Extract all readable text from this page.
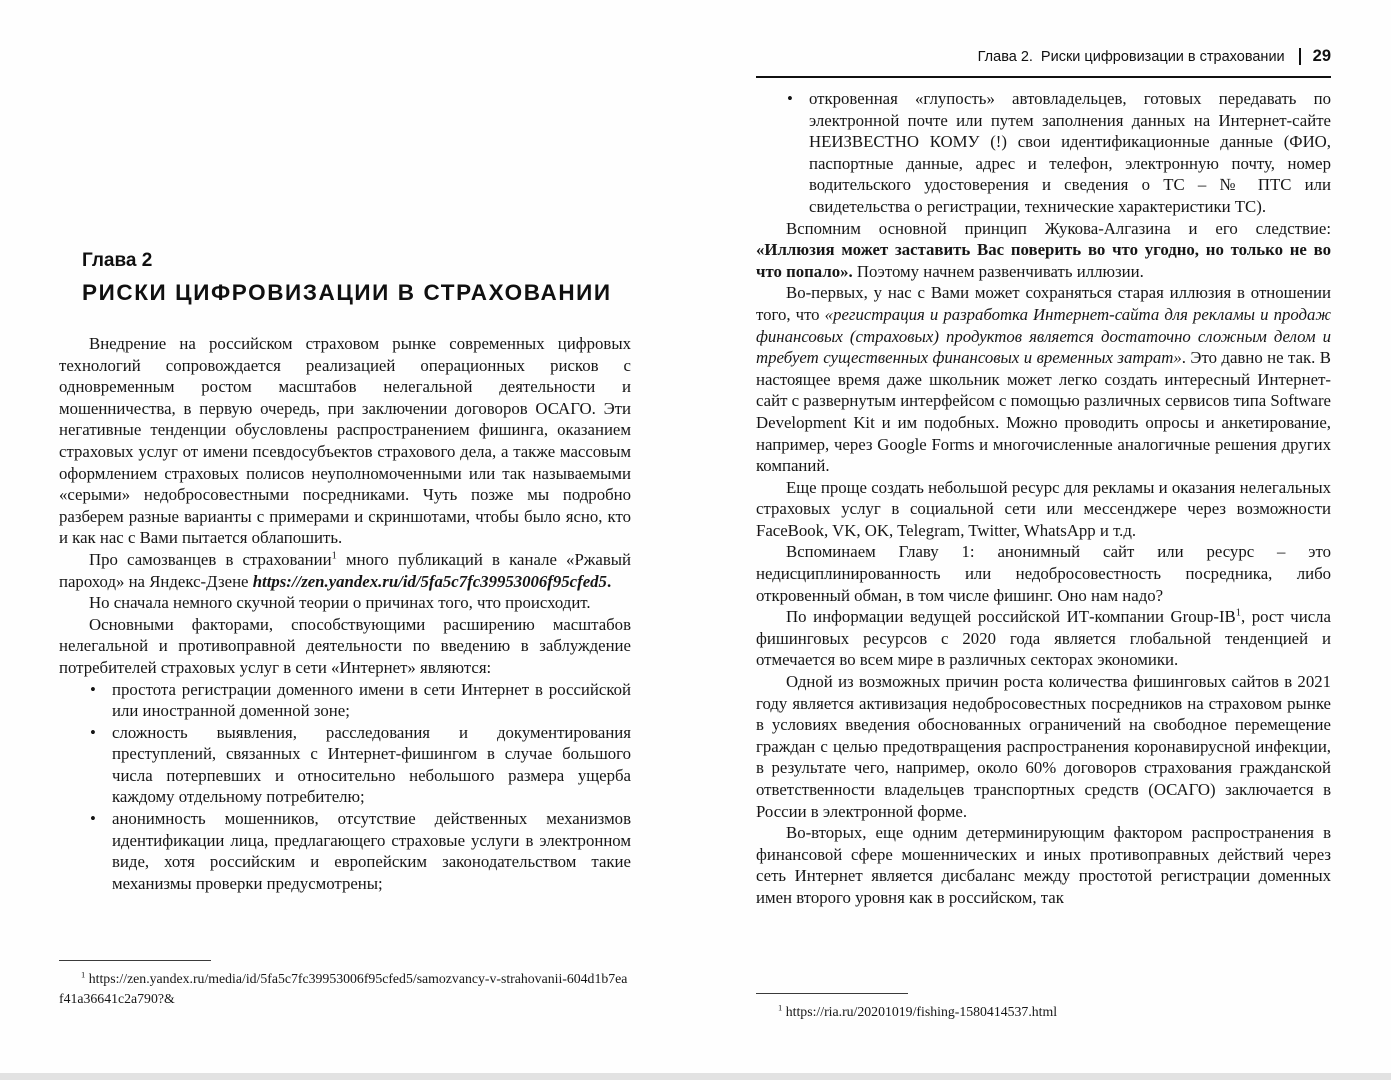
Глава 2
РИСКИ ЦИФРОВИЗАЦИИ В СТРАХОВАНИИ

Внедрение на российском страховом рынке современных цифровых технологий сопровождается реализацией операционных рисков с одновременным ростом масштабов нелегальной деятельности и мошенничества, в первую очередь, при заключении договоров ОСАГО. Эти негативные тенденции обусловлены распространением фишинга, оказанием страховых услуг от имени псевдосубъектов страхового дела, а также массовым оформлением страховых полисов неуполномоченными или так называемыми «серыми» недобросовестными посредниками. Чуть позже мы подробно разберем разные варианты с примерами и скриншотами, чтобы было ясно, кто и как нас с Вами пытается облапошить.

Про самозванцев в страховании$^1$ много публикаций в канале «Ржавый пароход» на Яндекс-Дзене https://zen.yandex.ru/id/5fa5c7fc39953006f95cfed5.

Но сначала немного скучной теории о причинах того, что происходит.

Основными факторами, способствующими расширению масштабов нелегальной и противоправной деятельности по введению в заблуждение потребителей страховых услуг в сети «Интернет» являются:

• простота регистрации доменного имени в сети Интернет в российской или иностранной доменной зоне;
• сложность выявления, расследования и документирования преступлений, связанных с Интернет-фишингом в случае большого числа потерпевших и относительно небольшого размера ущерба каждому отдельному потребителю;
• анонимность мошенников, отсутствие действенных механизмов идентификации лица, предлагающего страховые услуги в электронном виде, хотя российским и европейским законодательством такие механизмы проверки предусмотрены;

$^1$ https://zen.yandex.ru/media/id/5fa5c7fc39953006f95cfed5/samozvancy-v-strahovanii-604d1b7eaf41a36641c2a790?&

Глава 2. Риски цифровизации в страховании 29
• откровенная «глупость» автовладельцев, готовых передавать по электронной почте или путем заполнения данных на Интернет-сайте НЕИЗВЕСТНО КОМУ (!) свои идентификационные данные (ФИО, паспортные данные, адрес и телефон, электронную почту, номер водительского удостоверения и сведения о ТС – № ПТС или свидетельства о регистрации, технические характеристики ТС).

Вспомним основной принцип Жукова-Алгазина и его следствие: «Иллюзия может заставить Вас поверить во что угодно, но только не во что попало». Поэтому начнем развенчивать иллюзии.

Во-первых, у нас с Вами может сохраняться старая иллюзия в отношении того, что «регистрация и разработка Интернет-сайта для рекламы и продаж финансовых (страховых) продуктов является достаточно сложным делом и требует существенных финансовых и временных затрат». Это давно не так. В настоящее время даже школьник может легко создать интересный Интернет-сайт с развернутым интерфейсом с помощью различных сервисов типа Software Development Kit и им подобных. Можно проводить опросы и анкетирование, например, через Google Forms и многочисленные аналогичные решения других компаний.

Еще проще создать небольшой ресурс для рекламы и оказания нелегальных страховых услуг в социальной сети или мессенджере через возможности FaceBook, VK, OK, Telegram, Twitter, WhatsApp и т.д.

Вспоминаем Главу 1: анонимный сайт или ресурс – это недисциплинированность или недобросовестность посредника, либо откровенный обман, в том числе фишинг. Оно нам надо?

По информации ведущей российской ИТ-компании Group-$IB^1$, рост числа фишинговых ресурсов с 2020 года является глобальной тенденцией и отмечается во всем мире в различных секторах экономики.

Одной из возможных причин роста количества фишинговых сайтов в 2021 году является активизация недобросовестных посредников на страховом рынке в условиях введения обоснованных ограничений на свободное перемещение граждан с целью предотвращения распространения коронавирусной инфекции, в результате чего, например, около 60% договоров страхования гражданской ответственности владельцев транспортных средств (ОСАГО) заключается в России в электронной форме.

Во-вторых, еще одним детерминирующим фактором распространения в финансовой сфере мошеннических и иных противоправных действий через сеть Интернет является дисбаланс между простотой регистрации доменных имен второго уровня как в российском, так

$^1$ https://ria.ru/20201019/fishing-1580414537.html
